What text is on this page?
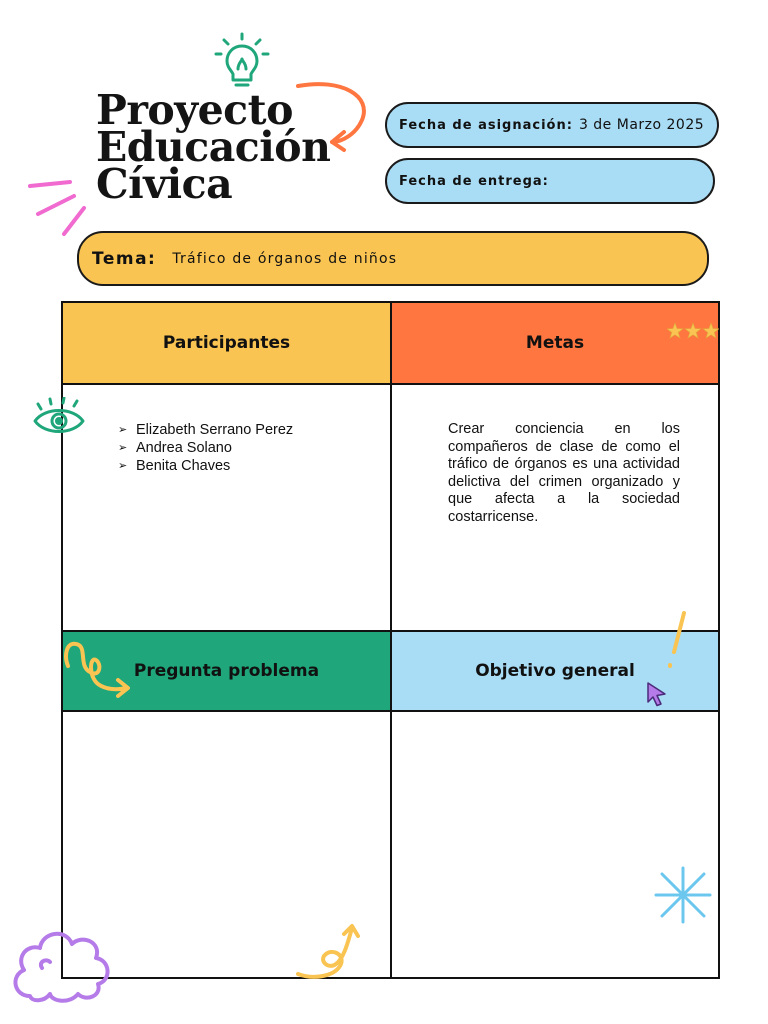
Proyecto
Educación
Cívica
Fecha de asignación: 3 de Marzo 2025
Fecha de entrega:
Tema: Tráfico de órganos de niños
Participantes	Metas
Pregunta problema	Objetivo general
➢ Elizabeth Serrano Perez
➢ Andrea Solano
➢ Benita Chaves

Crear conciencia en los compañeros de clase de como el tráfico de órganos es una actividad delictiva del crimen organizado y que afecta a la sociedad costarricense.
